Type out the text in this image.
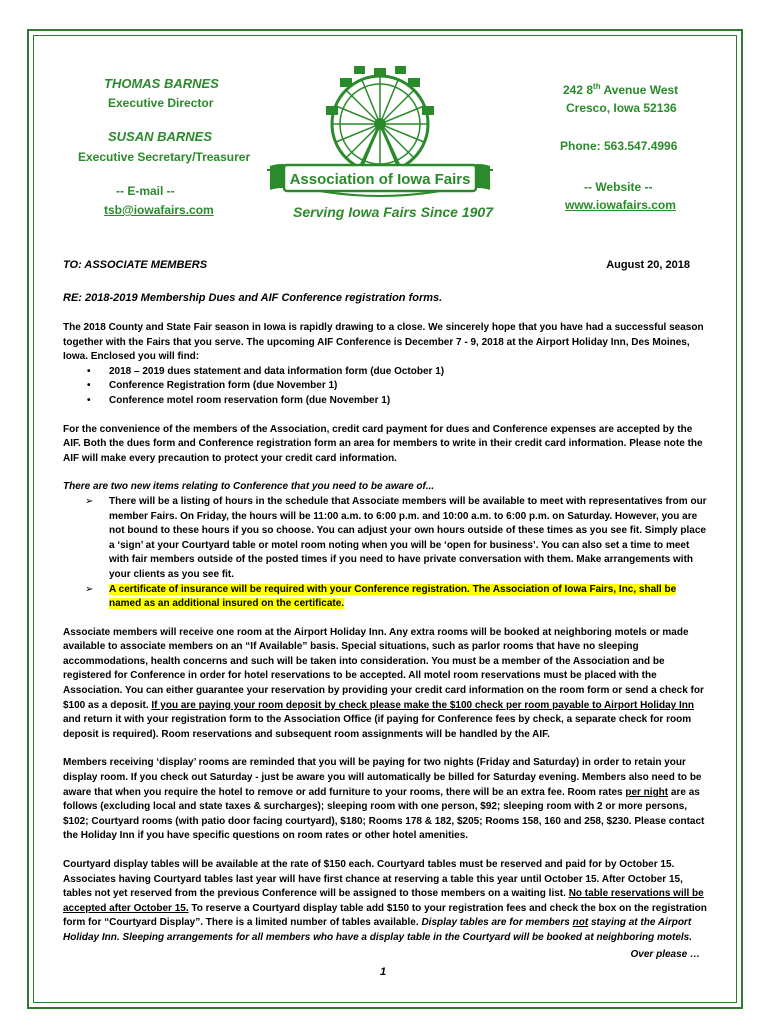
THOMAS BARNES
Executive Director
SUSAN BARNES
Executive Secretary/Treasurer
-- E-mail --
tsb@iowafairs.com
242 8th Avenue West
Cresco, Iowa 52136
Phone: 563.547.4996
-- Website --
www.iowafairs.com
Association of Iowa Fairs
Serving Iowa Fairs Since 1907
TO: ASSOCIATE MEMBERS	August 20, 2018
RE: 2018-2019 Membership Dues and AIF Conference registration forms.

The 2018 County and State Fair season in Iowa is rapidly drawing to a close. We sincerely hope that you have had a successful season together with the Fairs that you serve. The upcoming AIF Conference is December 7 - 9, 2018 at the Airport Holiday Inn, Des Moines, Iowa. Enclosed you will find:

• 2018 – 2019 dues statement and data information form (due October 1)
• Conference Registration form (due November 1)
• Conference motel room reservation form (due November 1)

For the convenience of the members of the Association, credit card payment for dues and Conference expenses are accepted by the AIF. Both the dues form and Conference registration form an area for members to write in their credit card information. Please note the AIF will make every precaution to protect your credit card information.

There are two new items relating to Conference that you need to be aware of...

➢ There will be a listing of hours in the schedule that Associate members will be available to meet with representatives from our member Fairs. On Friday, the hours will be 11:00 a.m. to 6:00 p.m. and 10:00 a.m. to 6:00 p.m. on Saturday. However, you are not bound to these hours if you so choose. You can adjust your own hours outside of these times as you see fit. Simply place a ‘sign’ at your Courtyard table or motel room noting when you will be ‘open for business’. You can also set a time to meet with fair members outside of the posted times if you need to have private conversation with them. Make arrangements with your clients as you see fit.
➢ A certificate of insurance will be required with your Conference registration. The Association of Iowa Fairs, Inc, shall be named as an additional insured on the certificate.

Associate members will receive one room at the Airport Holiday Inn. Any extra rooms will be booked at neighboring motels or made available to associate members on an “If Available” basis. Special situations, such as parlor rooms that have no sleeping accommodations, health concerns and such will be taken into consideration. You must be a member of the Association and be registered for Conference in order for hotel reservations to be accepted. All motel room reservations must be placed with the Association. You can either guarantee your reservation by providing your credit card information on the room form or send a check for $100 as a deposit. If you are paying your room deposit by check please make the $100 check per room payable to Airport Holiday Inn and return it with your registration form to the Association Office (if paying for Conference fees by check, a separate check for room deposit is required). Room reservations and subsequent room assignments will be handled by the AIF.

Members receiving ‘display’ rooms are reminded that you will be paying for two nights (Friday and Saturday) in order to retain your display room. If you check out Saturday - just be aware you will automatically be billed for Saturday evening. Members also need to be aware that when you require the hotel to remove or add furniture to your rooms, there will be an extra fee. Room rates per night are as follows (excluding local and state taxes & surcharges); sleeping room with one person, $92; sleeping room with 2 or more persons, $102; Courtyard rooms (with patio door facing courtyard), $180; Rooms 178 & 182, $205; Rooms 158, 160 and 258, $230. Please contact the Holiday Inn if you have specific questions on room rates or other hotel amenities.

Courtyard display tables will be available at the rate of $150 each. Courtyard tables must be reserved and paid for by October 15. Associates having Courtyard tables last year will have first chance at reserving a table this year until October 15. After October 15, tables not yet reserved from the previous Conference will be assigned to those members on a waiting list. No table reservations will be accepted after October 15. To reserve a Courtyard display table add $150 to your registration fees and check the box on the registration form for “Courtyard Display”. There is a limited number of tables available. Display tables are for members not staying at the Airport Holiday Inn. Sleeping arrangements for all members who have a display table in the Courtyard will be booked at neighboring motels.

Over please …
1
